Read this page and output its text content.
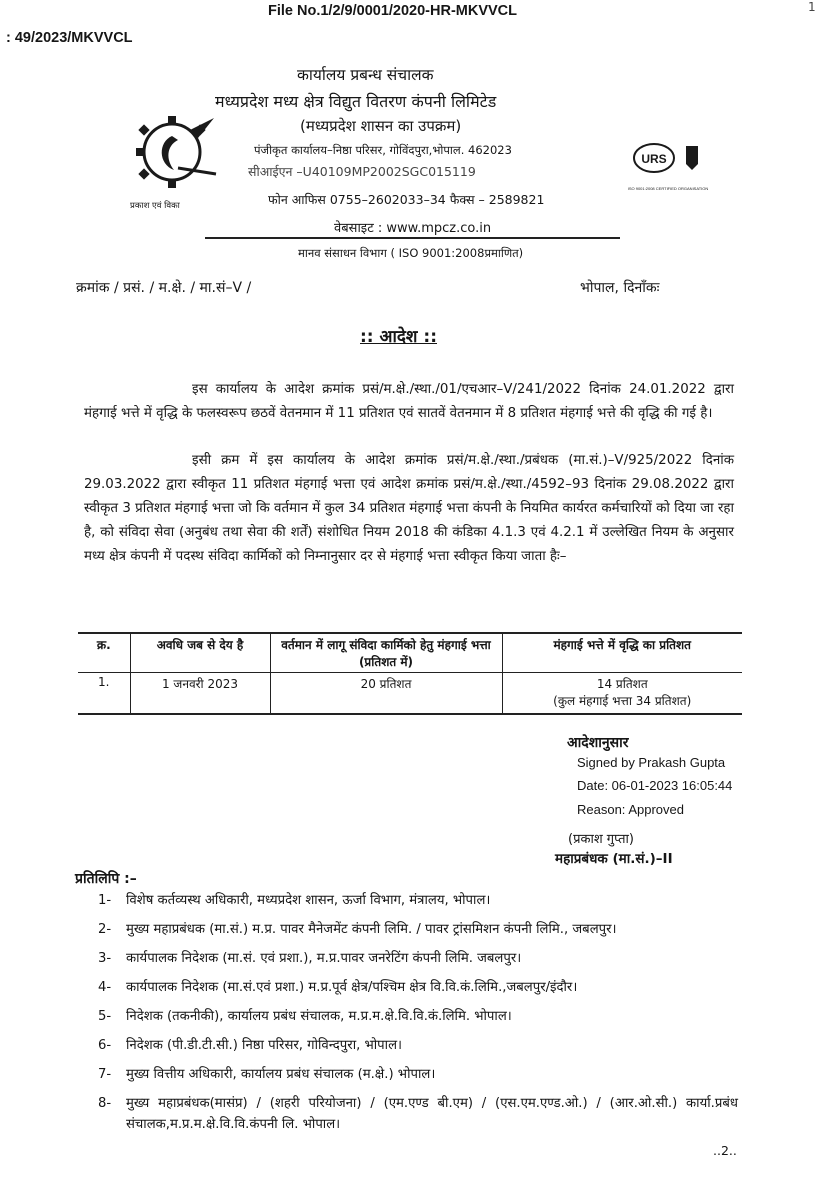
File No.1/2/9/0001/2020-HR-MKVVCL
: 49/2023/MKVVCL
1
प्रकाश एवं विका
कार्यालय प्रबन्ध संचालक
मध्यप्रदेश मध्य क्षेत्र विद्युत वितरण कंपनी लिमिटेड
(मध्यप्रदेश शासन का उपक्रम)
पंजीकृत कार्यालय–निष्ठा परिसर, गोविंदपुरा,भोपाल. 462023
सीआईएन –U40109MP2002SGC015119
फोन आफिस 0755–2602033–34 फैक्स – 2589821
वेबसाइट : www.mpcz.co.in
मानव संसाधन विभाग ( ISO 9001:2008प्रमाणित)
URS
ISO 9001:2008 CERTIFIED ORGANISATION
क्रमांक / प्रसं. / म.क्षे. / मा.सं–V /	भोपाल, दिनाँकः
:: आदेश ::
इस कार्यालय के आदेश क्रमांक प्रसं/म.क्षे./स्था./01/एचआर–V/241/2022 दिनांक 24.01.2022 द्वारा मंहगाई भत्ते में वृद्धि के फलस्वरूप छठवें वेतनमान में 11 प्रतिशत एवं सातवें वेतनमान में 8 प्रतिशत मंहगाई भत्ते की वृद्धि की गई है।
इसी क्रम में इस कार्यालय के आदेश क्रमांक प्रसं/म.क्षे./स्था./प्रबंधक (मा.सं.)–V/925/2022 दिनांक 29.03.2022 द्वारा स्वीकृत 11 प्रतिशत मंहगाई भत्ता एवं आदेश क्रमांक प्रसं/म.क्षे./स्था./4592–93 दिनांक 29.08.2022 द्वारा स्वीकृत 3 प्रतिशत मंहगाई भत्ता जो कि वर्तमान में कुल 34 प्रतिशत मंहगाई भत्ता कंपनी के नियमित कार्यरत कर्मचारियों को दिया जा रहा है, को संविदा सेवा (अनुबंध तथा सेवा की शर्तें) संशोधित नियम 2018 की कंडिका 4.1.3 एवं 4.2.1 में उल्लेखित नियम के अनुसार मध्य क्षेत्र कंपनी में पदस्थ संविदा कार्मिकों को निम्नानुसार दर से मंहगाई भत्ता स्वीकृत किया जाता हैः–
क्र.	अवधि जब से देय है	वर्तमान में लागू संविदा कार्मिको हेतु मंहगाई भत्ता (प्रतिशत में)	मंहगाई भत्ते में वृद्धि का प्रतिशत
1.	1 जनवरी 2023	20 प्रतिशत	14 प्रतिशत
(कुल मंहगाई भत्ता 34 प्रतिशत)
आदेशानुसार
Signed by Prakash Gupta
Date: 06-01-2023 16:05:44
Reason: Approved
(प्रकाश गुप्ता)
महाप्रबंधक (मा.सं.)–II
प्रतिलिपि :–
1-	विशेष कर्तव्यस्थ अधिकारी, मध्यप्रदेश शासन, ऊर्जा विभाग, मंत्रालय, भोपाल।
2-	मुख्य महाप्रबंधक (मा.सं.) म.प्र. पावर मैनेजमेंट कंपनी लिमि. / पावर ट्रांसमिशन कंपनी लिमि., जबलपुर।
3-	कार्यपालक निदेशक (मा.सं. एवं प्रशा.), म.प्र.पावर जनरेटिंग कंपनी लिमि. जबलपुर।
4-	कार्यपालक निदेशक (मा.सं.एवं प्रशा.) म.प्र.पूर्व क्षेत्र/पश्चिम क्षेत्र वि.वि.कं.लिमि.,जबलपुर/इंदौर।
5-	निदेशक (तकनीकी), कार्यालय प्रबंध संचालक, म.प्र.म.क्षे.वि.वि.कं.लिमि. भोपाल।
6-	निदेशक (पी.डी.टी.सी.) निष्ठा परिसर, गोविन्दपुरा, भोपाल।
7-	मुख्य वित्तीय अधिकारी, कार्यालय प्रबंध संचालक (म.क्षे.) भोपाल।
8-	मुख्य महाप्रबंधक(मासंप्र) / (शहरी परियोजना) / (एम.एण्ड बी.एम) / (एस.एम.एण्ड.ओ.) / (आर.ओ.सी.) कार्या.प्रबंध संचालक,म.प्र.म.क्षे.वि.वि.कंपनी लि. भोपाल।
..2..
